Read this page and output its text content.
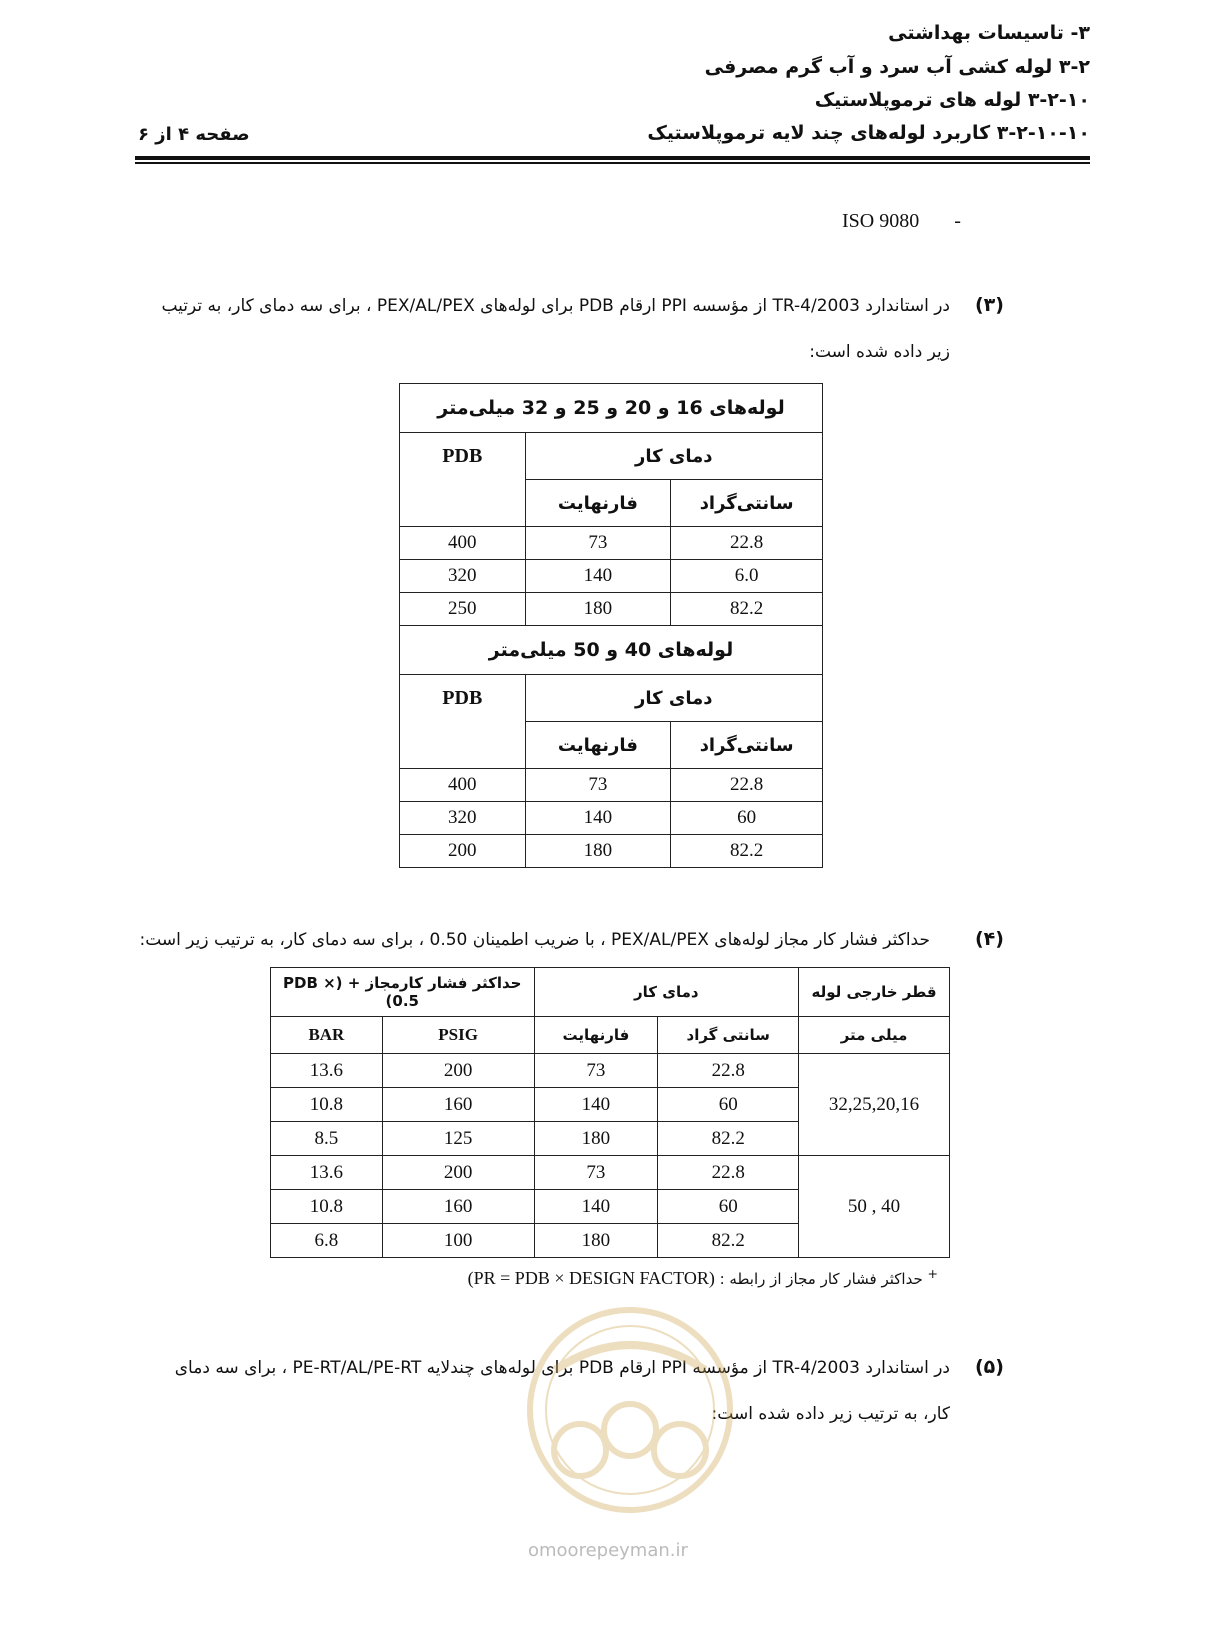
۳- تاسیسات بهداشتی
۳-۲ لوله کشی آب سرد و آب گرم مصرفی
۳-۲-۱۰ لوله های ترموپلاستیک
۳-۲-۱۰-۱۰ کاربرد لوله‌های چند لایه ترموپلاستیک
صفحه ۴ از ۶
ISO 9080 -
(۳)
در استاندارد TR-4/2003 از مؤسسه PPI ارقام PDB برای لوله‌های PEX/AL/PEX ، برای سه دمای کار، به ترتیب
زیر داده شده است:
لوله‌های 16 و 20 و 25 و 32 میلی‌متر		
PDB	دمای کار	
	فارنهایت	سانتی‌گراد
400	73	22.8
320	140	6.0
250	180	82.2
لوله‌های 40 و 50 میلی‌متر		
PDB	دمای کار	
	فارنهایت	سانتی‌گراد
400	73	22.8
320	140	60
200	180	82.2
(۴)
حداکثر فشار کار مجاز لوله‌های PEX/AL/PEX ، با ضریب اطمینان 0.50 ، برای سه دمای کار، به ترتیب زیر است:
حداکثر فشار کارمجاز + (PDB × 0.5)		دمای کار		قطر خارجی لوله
BAR	PSIG	فارنهایت	سانتی گراد	میلی متر
13.6	200	73	22.8	32,25,20,16
10.8	160	140	60	
8.5	125	180	82.2	
13.6	200	73	22.8	50 , 40
10.8	160	140	60	
6.8	100	180	82.2	
+ حداکثر فشار کار مجاز از رابطه : (PR = PDB × DESIGN FACTOR)
(۵)
در استاندارد TR-4/2003 از مؤسسه PPI ارقام PDB برای لوله‌های چندلایه PE-RT/AL/PE-RT ، برای سه دمای
کار، به ترتیب زیر داده شده است:
omoorepeyman.ir
